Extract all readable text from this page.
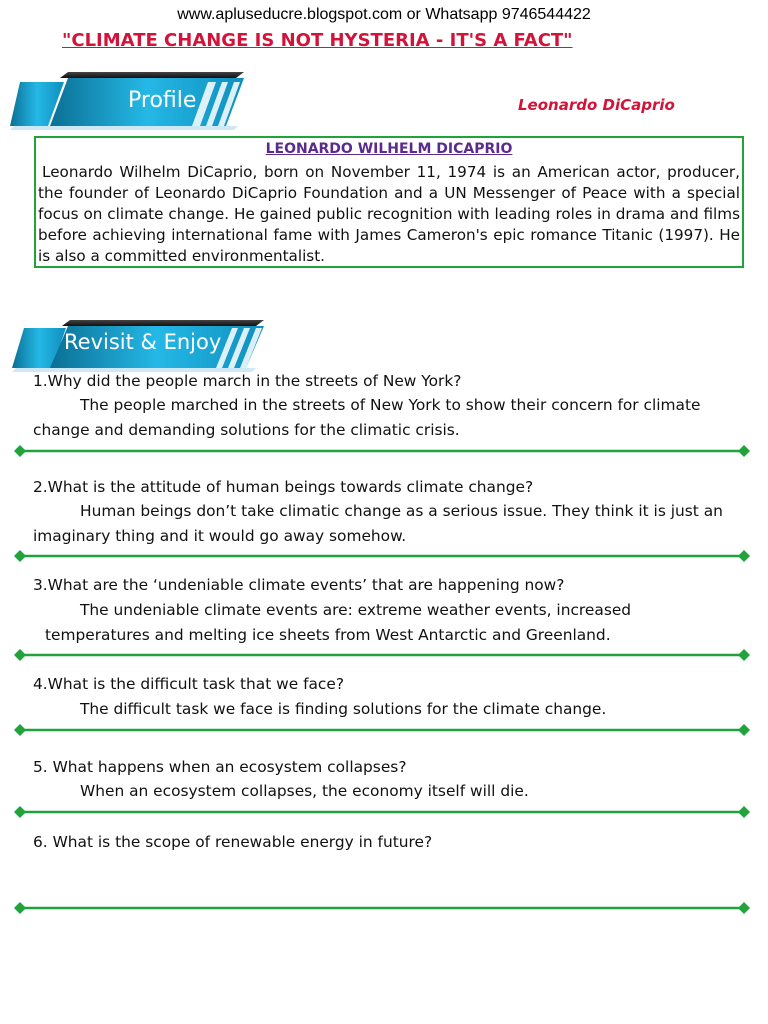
www.apluseducre.blogspot.com or Whatsapp 9746544422
"CLIMATE CHANGE IS NOT HYSTERIA - IT'S A FACT"
Profile	Leonardo DiCaprio
LEONARDO WILHELM DICAPRIO
Leonardo Wilhelm DiCaprio, born on November 11, 1974 is an American actor, producer, the founder of Leonardo DiCaprio Foundation and a UN Messenger of Peace with a special focus on climate change. He gained public recognition with leading roles in drama and films before achieving international fame with James Cameron's epic romance Titanic (1997). He is also a committed environmentalist.
Revisit & Enjoy
1.Why did the people march in the streets of New York?
The people marched in the streets of New York to show their concern for climate
change and demanding solutions for the climatic crisis.
2.What is the attitude of human beings towards climate change?
Human beings don’t take climatic change as a serious issue. They think it is just an
imaginary thing and it would go away somehow.
3.What are the ‘undeniable climate events’ that are happening now?
The undeniable climate events are: extreme weather events, increased
temperatures and melting ice sheets from West Antarctic and Greenland.
4.What is the difficult task that we face?
The difficult task we face is finding solutions for the climate change.
5. What happens when an ecosystem collapses?
When an ecosystem collapses, the economy itself will die.
6. What is the scope of renewable energy in future?
